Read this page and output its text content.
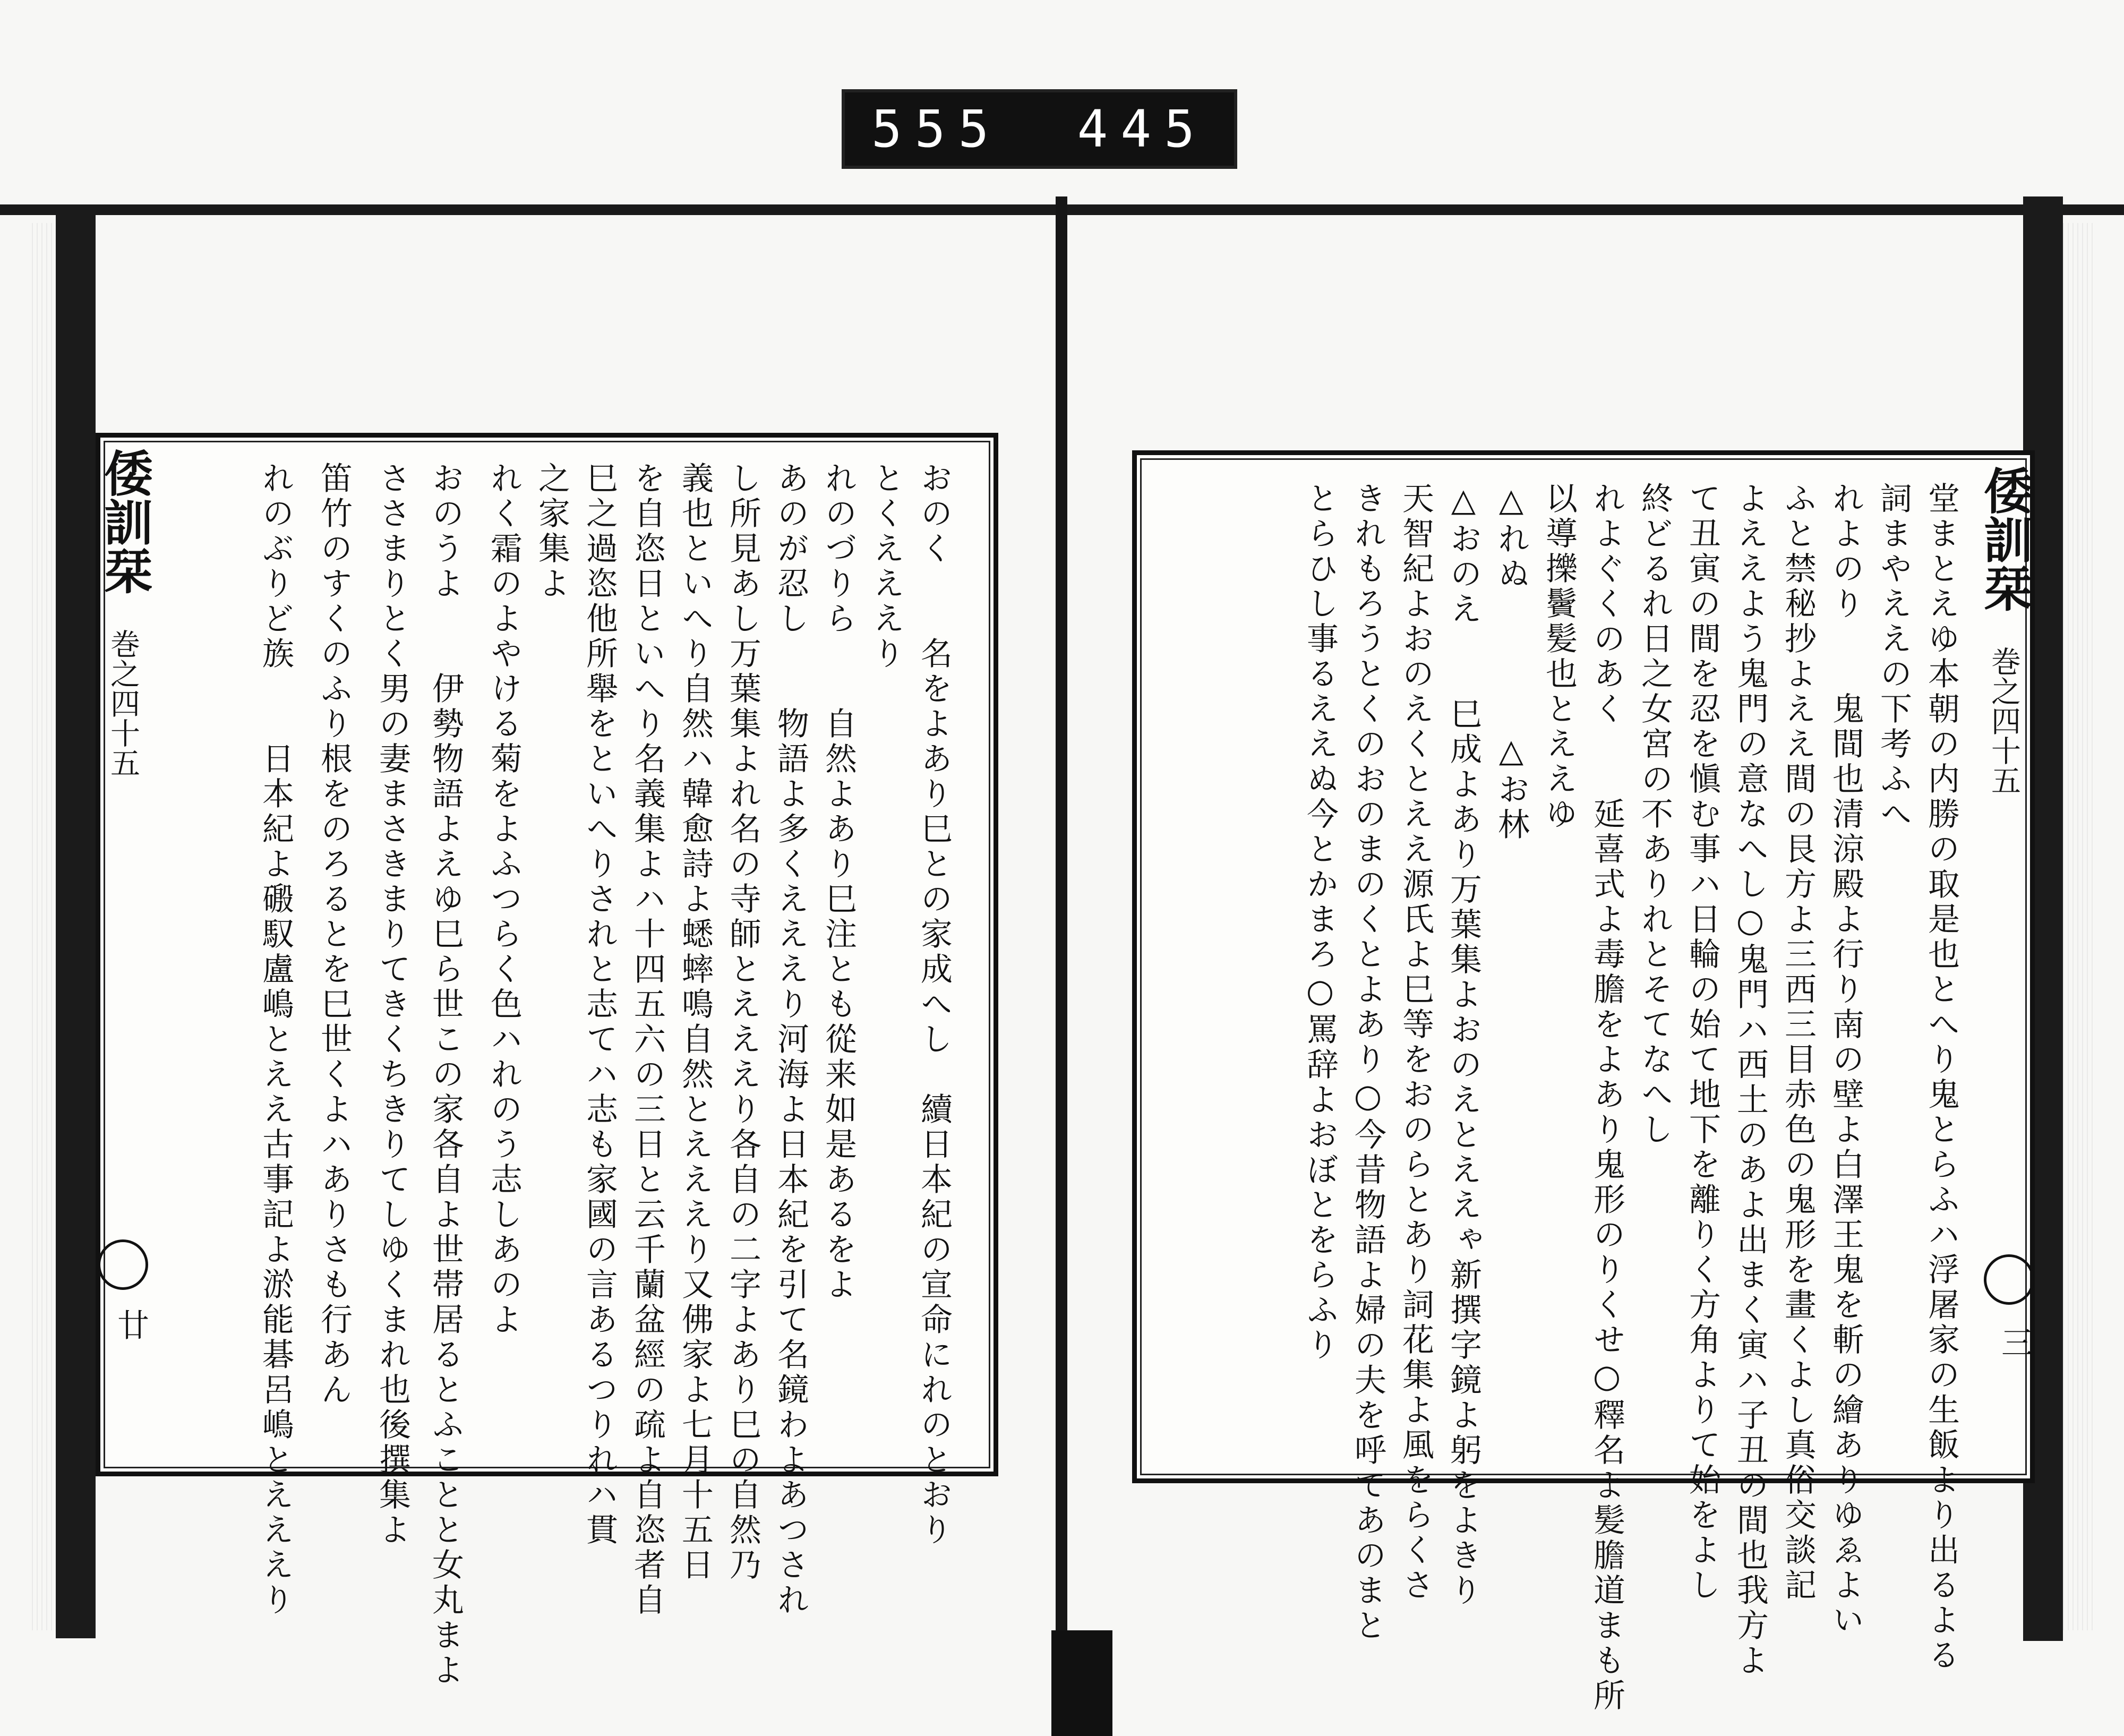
555 445
倭訓栞
巻之四十五
廿	おのく　　名をよあり巳との家成へし　續日本紀の宣命にれのとおり
とくえええり
れのづりら　　自然よあり巳注とも從来如是あるをよ
あのが忍し　　物語よ多くえええり河海よ日本紀を引て名鏡わよあつされ
し所見あし万葉集よれ名の寺師とえええり各自の二字よあり巳の自然乃
義也といへり自然ハ韓愈詩よ蟋蟀鳴自然とえええり又佛家よ七月十五日
を自恣日といへり名義集よハ十四五六の三日と云千蘭盆經の疏よ自恣者自
巳之過恣他所舉をといへりされと志てハ志も家國の言あるつりれハ貫
之家集よ
れく霜のよやける菊をよふつらく色ハれのう志しあのよ
おのうよ　　伊勢物語よえゆ巳ら世この家各自よ世帯居るとふことと女丸まよ
ささまりとく男の妻まさきまりてきくちきりてしゆくまれ也後撰集よ
笛竹のすくのふり根をのろるとを巳世くよハありさも行あん
れのぶりど族　　日本紀よ磤馭盧嶋とええ古事記よ淤能碁呂嶋とえええり	倭訓栞
巻之四十五
三
堂まとえゆ本朝の内勝の取是也とへり鬼とらふハ浮屠家の生飯より出るよる
詞まやええの下考ふへ
れよのり　　鬼間也清涼殿よ行り南の壁よ白澤王鬼を斬の繪ありゆゑよい
ふと禁秘抄よええ間の艮方よ三西三目赤色の鬼形を畫くよし真俗交談記
よええよう鬼門の意なへし○鬼門ハ西土のあよ出まく寅ハ子丑の間也我方よ
て丑寅の間を忍を愼む事ハ日輪の始て地下を離りく方角よりて始をよし
終どるれ日之女宮の不ありれとそてなへし
れよぐくのあく　　延喜式よ毒膽をよあり鬼形のりくせ○釋名よ髪膽道まも所
以導擽鬢髪也とええゆ
△れぬ　　　　△お林
△おのえ　　巳成よあり万葉集よおのえとええゃ新撰字鏡よ躬をよきり
天智紀よおのえくとええ源氏よ巳等をおのらとあり詞花集よ風をらくさ
きれもろうとくのおのまのくとよあり○今昔物語よ婦の夫を呼てあのまと
とらひし事るええぬ今とかまろ○罵辞よおぼとをらふり
